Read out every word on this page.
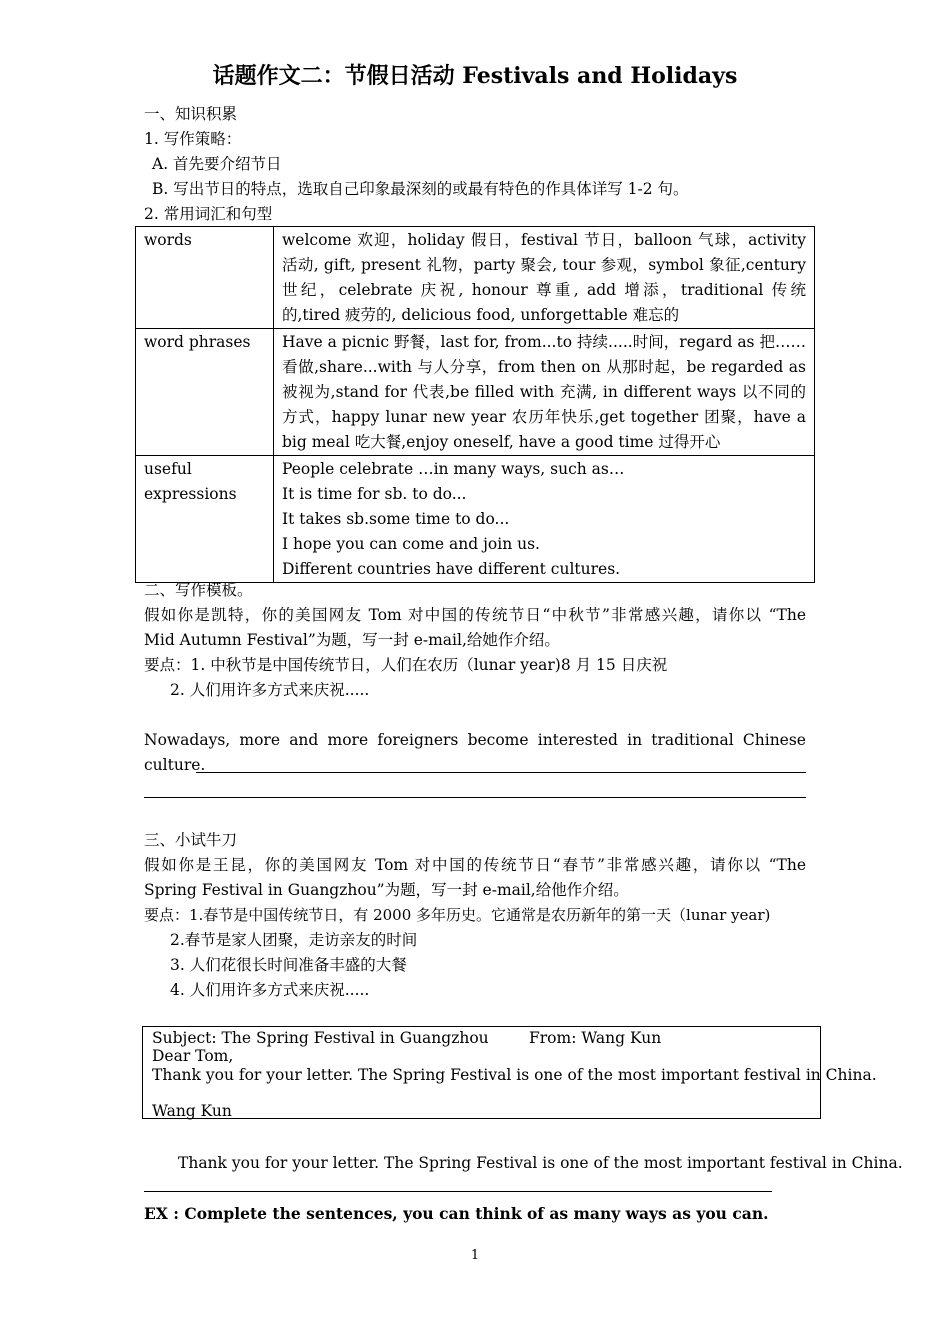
话题作文二：节假日活动 Festivals and Holidays
一、知识积累
1. 写作策略：
A. 首先要介绍节日
B. 写出节日的特点，选取自己印象最深刻的或最有特色的作具体详写 1-2 句。
2. 常用词汇和句型
words	welcome 欢迎，holiday 假日，festival 节日，balloon 气球，activity 活动, gift, present 礼物，party 聚会, tour 参观，symbol 象征,century 世纪，celebrate 庆祝, honour 尊重, add 增添，traditional 传统的,tired 疲劳的, delicious food, unforgettable 难忘的
word phrases	Have a picnic 野餐，last for, from...to 持续.....时间，regard as 把……看做,share...with 与人分享，from then on 从那时起，be regarded as 被视为,stand for 代表,be filled with 充满, in different ways 以不同的方式，happy lunar new year 农历年快乐,get together 团聚，have a big meal 吃大餐,enjoy oneself, have a good time 过得开心
useful expressions	People celebrate …in many ways, such as…
It is time for sb. to do...
It takes sb.some time to do...
I hope you can come and join us.
Different countries have different cultures.
二、写作模板。
假如你是凯特，你的美国网友 Tom 对中国的传统节日“中秋节”非常感兴趣，请你以 “The
Mid Autumn Festival”为题，写一封 e-mail,给她作介绍。
要点：1. 中秋节是中国传统节日，人们在农历（lunar year)8 月 15 日庆祝
2. 人们用许多方式来庆祝.....
Nowadays, more and more foreigners become interested in traditional Chinese
culture.
三、小试牛刀
假如你是王昆，你的美国网友 Tom 对中国的传统节日“春节”非常感兴趣，请你以 “The
Spring Festival in Guangzhou”为题，写一封 e-mail,给他作介绍。
要点：1.春节是中国传统节日，有 2000 多年历史。它通常是农历新年的第一天（lunar year)
2.春节是家人团聚，走访亲友的时间
3. 人们花很长时间准备丰盛的大餐
4. 人们用许多方式来庆祝.....
Subject: The Spring Festival in Guangzhou	From: Wang Kun
Dear Tom,
Thank you for your letter. The Spring Festival is one of the most important festival in China.
Wang Kun
Thank you for your letter. The Spring Festival is one of the most important festival in China.
EX : Complete the sentences, you can think of as many ways as you can.
1
